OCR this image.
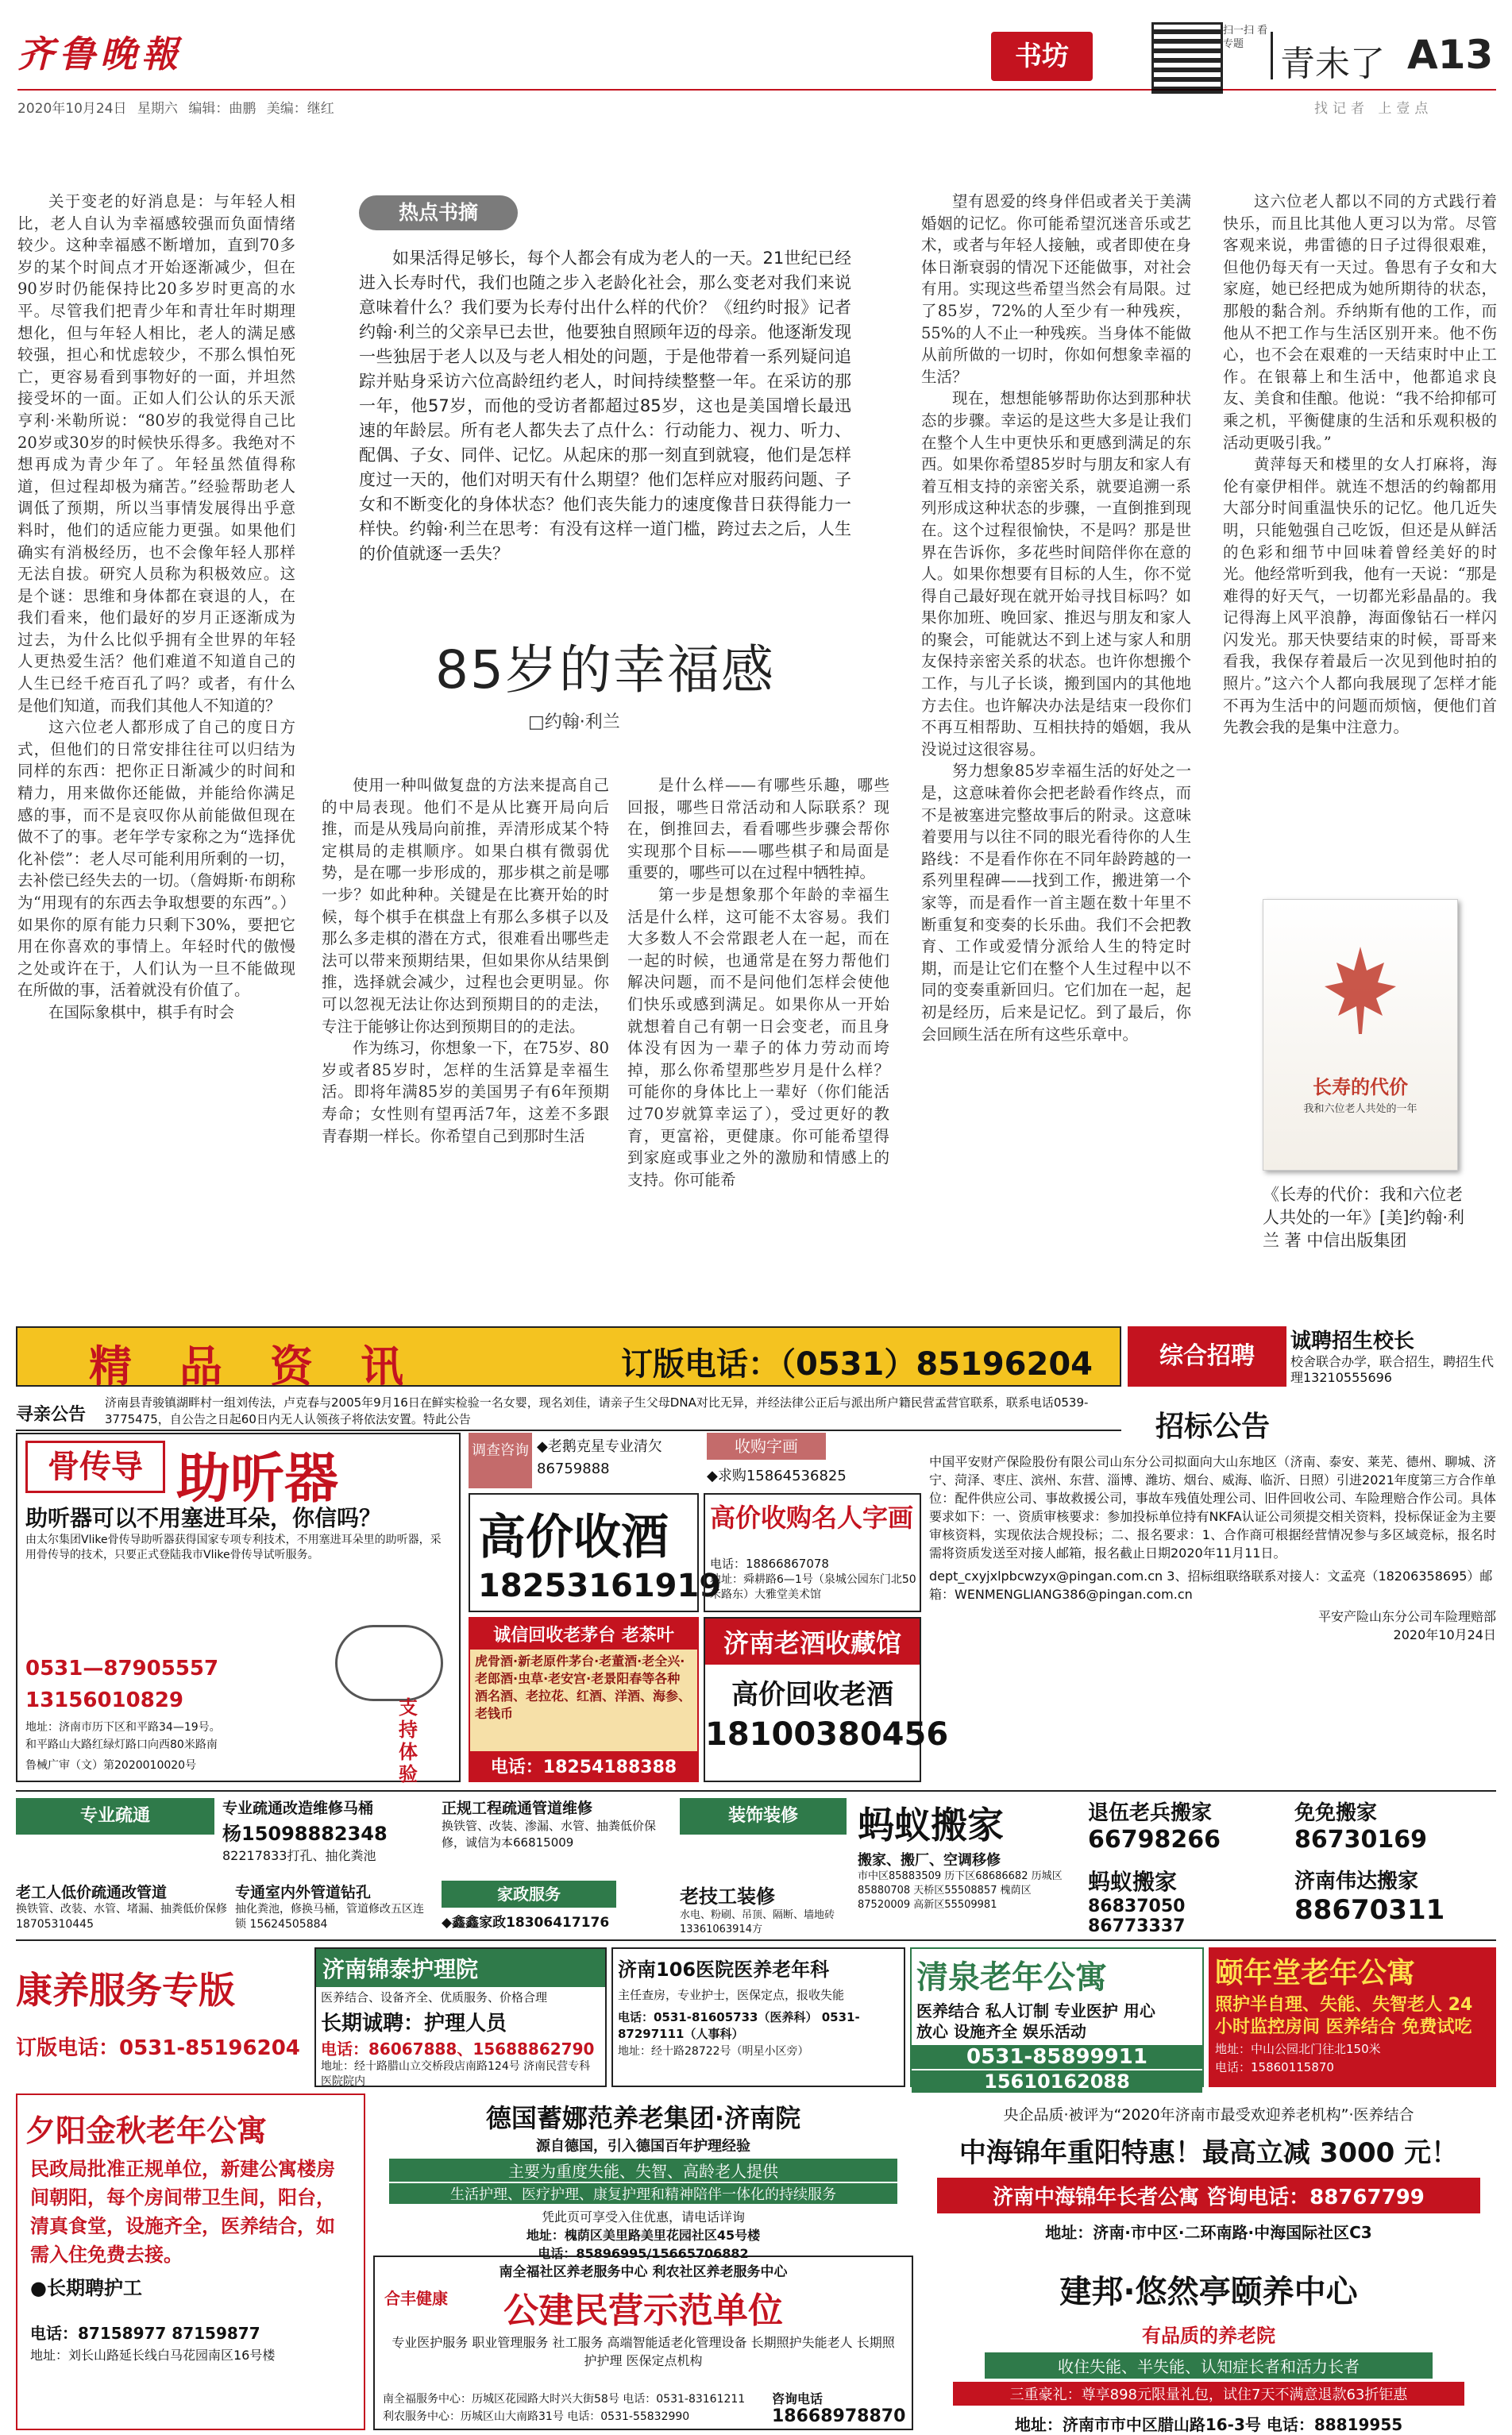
齐鲁晚報
2020年10月24日 星期六 编辑：曲鹏 美编：继红
书坊
扫一扫 看专题	青未了 A13
找记者 上壹点

关于变老的好消息是：与年轻人相比，老人自认为幸福感较强而负面情绪较少。这种幸福感不断增加，直到70多岁的某个时间点才开始逐渐减少，但在90岁时仍能保持比20多岁时更高的水平。尽管我们把青少年和青壮年时期理想化，但与年轻人相比，老人的满足感较强，担心和忧虑较少，不那么惧怕死亡，更容易看到事物好的一面，并坦然接受坏的一面。正如人们公认的乐天派亨利·米勒所说：“80岁的我觉得自己比20岁或30岁的时候快乐得多。我绝对不想再成为青少年了。年轻虽然值得称道，但过程却极为痛苦。”经验帮助老人调低了预期，所以当事情发展得出乎意料时，他们的适应能力更强。如果他们确实有消极经历，也不会像年轻人那样无法自拔。研究人员称为积极效应。这是个谜：思维和身体都在衰退的人，在我们看来，他们最好的岁月正逐渐成为过去，为什么比似乎拥有全世界的年轻人更热爱生活？他们难道不知道自己的人生已经千疮百孔了吗？或者，有什么是他们知道，而我们其他人不知道的？

这六位老人都形成了自己的度日方式，但他们的日常安排往往可以归结为同样的东西：把你正日渐减少的时间和精力，用来做你还能做，并能给你满足感的事，而不是哀叹你从前能做但现在做不了的事。老年学专家称之为“选择优化补偿”：老人尽可能利用所剩的一切，去补偿已经失去的一切。（詹姆斯·布朗称为“用现有的东西去争取想要的东西”。）如果你的原有能力只剩下30%，要把它用在你喜欢的事情上。年轻时代的傲慢之处或许在于，人们认为一旦不能做现在所做的事，活着就没有价值了。

在国际象棋中，棋手有时会

热点书摘

如果活得足够长，每个人都会有成为老人的一天。21世纪已经进入长寿时代，我们也随之步入老龄化社会，那么变老对我们来说意味着什么？我们要为长寿付出什么样的代价？《纽约时报》记者约翰·利兰的父亲早已去世，他要独自照顾年迈的母亲。他逐渐发现一些独居于老人以及与老人相处的问题，于是他带着一系列疑问追踪并贴身采访六位高龄纽约老人，时间持续整整一年。在采访的那一年，他57岁，而他的受访者都超过85岁，这也是美国增长最迅速的年龄层。所有老人都失去了点什么：行动能力、视力、听力、配偶、子女、同伴、记忆。从起床的那一刻直到就寝，他们是怎样度过一天的，他们对明天有什么期望？他们怎样应对服药问题、子女和不断变化的身体状态？他们丧失能力的速度像昔日获得能力一样快。约翰·利兰在思考：有没有这样一道门槛，跨过去之后，人生的价值就逐一丢失？

85岁的幸福感
□约翰·利兰

使用一种叫做复盘的方法来提高自己的中局表现。他们不是从比赛开局向后推，而是从残局向前推，弄清形成某个特定棋局的走棋顺序。如果白棋有微弱优势，是在哪一步形成的，那步棋之前是哪一步？如此种种。关键是在比赛开始的时候，每个棋手在棋盘上有那么多棋子以及那么多走棋的潜在方式，很难看出哪些走法可以带来预期结果，但如果你从结果倒推，选择就会减少，过程也会更明显。你可以忽视无法让你达到预期目的的走法，专注于能够让你达到预期目的的走法。

作为练习，你想象一下，在75岁、80岁或者85岁时，怎样的生活算是幸福生活。即将年满85岁的美国男子有6年预期寿命；女性则有望再活7年，这差不多跟青春期一样长。你希望自己到那时生活

是什么样——有哪些乐趣，哪些回报，哪些日常活动和人际联系？现在，倒推回去，看看哪些步骤会帮你实现那个目标——哪些棋子和局面是重要的，哪些可以在过程中牺牲掉。

第一步是想象那个年龄的幸福生活是什么样，这可能不太容易。我们大多数人不会常跟老人在一起，而在一起的时候，也通常是在努力帮他们解决问题，而不是问他们怎样会使他们快乐或感到满足。如果你从一开始就想着自己有朝一日会变老，而且身体没有因为一辈子的体力劳动而垮掉，那么你希望那些岁月是什么样？可能你的身体比上一辈好（你们能活过70岁就算幸运了），受过更好的教育，更富裕，更健康。你可能希望得到家庭或事业之外的激励和情感上的支持。你可能希

望有恩爱的终身伴侣或者关于美满婚姻的记忆。你可能希望沉迷音乐或艺术，或者与年轻人接触，或者即使在身体日渐衰弱的情况下还能做事，对社会有用。实现这些希望当然会有局限。过了85岁，72%的人至少有一种残疾，55%的人不止一种残疾。当身体不能做从前所做的一切时，你如何想象幸福的生活？

现在，想想能够帮助你达到那种状态的步骤。幸运的是这些大多是让我们在整个人生中更快乐和更感到满足的东西。如果你希望85岁时与朋友和家人有着互相支持的亲密关系，就要追溯一系列形成这种状态的步骤，一直倒推到现在。这个过程很愉快，不是吗？那是世界在告诉你，多花些时间陪伴你在意的人。如果你想要有目标的人生，你不觉得自己最好现在就开始寻找目标吗？如果你加班、晚回家、推迟与朋友和家人的聚会，可能就达不到上述与家人和朋友保持亲密关系的状态。也许你想搬个工作，与儿子长谈，搬到国内的其他地方去住。也许解决办法是结束一段你们不再互相帮助、互相扶持的婚姻，我从没说过这很容易。

努力想象85岁幸福生活的好处之一是，这意味着你会把老龄看作终点，而不是被塞进完整故事后的附录。这意味着要用与以往不同的眼光看待你的人生路线：不是看作你在不同年龄跨越的一系列里程碑——找到工作，搬进第一个家等，而是看作一首主题在数十年里不断重复和变奏的长乐曲。我们不会把教育、工作或爱情分派给人生的特定时期，而是让它们在整个人生过程中以不同的变奏重新回归。它们加在一起，起初是经历，后来是记忆。到了最后，你会回顾生活在所有这些乐章中。

这六位老人都以不同的方式践行着快乐，而且比其他人更习以为常。尽管客观来说，弗雷德的日子过得很艰难，但他仍每天有一天过。鲁思有子女和大家庭，她已经把成为她所期待的状态，那般的黏合剂。乔纳斯有他的工作，而他从不把工作与生活区别开来。他不伤心，也不会在艰难的一天结束时中止工作。在银幕上和生活中，他都追求良友、美食和佳酿。他说：“我不给抑郁可乘之机，平衡健康的生活和乐观积极的活动更吸引我。”

黄萍每天和楼里的女人打麻将，海伦有豪伊相伴。就连不想活的约翰都用大部分时间重温快乐的记忆。他几近失明，只能勉强自己吃饭，但还是从鲜活的色彩和细节中回味着曾经美好的时光。他经常听到我，他有一天说：“那是难得的好天气，一切都光彩晶晶的。我记得海上风平浪静，海面像钻石一样闪闪发光。那天快要结束的时候，哥哥来看我，我保存着最后一次见到他时拍的照片。”这六个人都向我展现了怎样才能不再为生活中的问题而烦恼，便他们首先教会我的是集中注意力。

长寿的代价
我和六位老人共处的一年
《长寿的代价：我和六位老人共处的一年》[美]约翰·利兰 著 中信出版集团
精品资讯	订版电话：（0531）85196204	综合招聘
诚聘招生校长
校舍联合办学，联合招生，聘招生代理13210555696
寻亲公告
济南县青骏镇湖畔村一组刘传法，卢克春与2005年9月16日在鲜实检验一名女婴，现名刘佳，请亲子生父母DNA对比无异，并经法律公正后与派出所户籍民营孟营官联系，联系电话0539-3775475，自公告之日起60日内无人认领孩子将依法安置。特此公告
骨传导 助听器
助听器可以不用塞进耳朵，你信吗？
由太尔集团Vlike骨传导助听器获得国家专项专利技术，不用塞进耳朵里的助听器，采用骨传导的技术，只要正式登陆我市Vlike骨传导试听服务。
0531—87905557
13156010829
地址：济南市历下区和平路34—19号。
和平路山大路红绿灯路口向西80米路南
鲁械广审（文）第2020010020号
支持体验
调查咨询 ◆老鹅克星专业清欠 86759888
收购字画
◆求购15864536825
高价收酒
18253161919
高价收购名人字画
电话：18866867078
地址：舜耕路6—1号（泉城公园东门北50米路东）大雅堂美术馆
诚信回收老茅台 老茶叶
虎骨酒·新老原件茅台·老董酒·老全兴·老郎酒·虫草·老安宫·老景阳春等各种酒名酒、老拉花、红酒、洋酒、海参、老钱币
电话：18254188388
济南老酒收藏馆
高价回收老酒
18100380456
招标公告
中国平安财产保险股份有限公司山东分公司拟面向大山东地区（济南、泰安、莱芜、德州、聊城、济宁、菏泽、枣庄、滨州、东营、淄博、潍坊、烟台、威海、临沂、日照）引进2021年度第三方合作单位：配件供应公司、事故救援公司，事故车残值处理公司、旧件回收公司、车险理赔合作公司。具体要求如下：一、资质审核要求：参加投标单位持有NKFA认证公司须提交相关资料，投标保证金为主要审核资料，实现依法合规投标；二、报名要求：1、合作商可根据经营情况参与多区域竞标，报名时需将资质发送至对接人邮箱，报名截止日期2020年11月11日。
dept_cxyjxlpbcwzyx@pingan.com.cn 3、招标组联络联系对接人：文孟亮（18206358695）邮箱：WENMENGLIANG386@pingan.com.cn
平安产险山东分公司车险理赔部
2020年10月24日
专业疏通	专业疏通改造维修马桶
杨15098882348
82217833打孔、抽化粪池
正规工程疏通管道维修
换铁管、改装、渗漏、水管、抽粪低价保修，诚信为本66815009
装饰装修	蚂蚁搬家
搬家、搬厂、空调移修
市中区85883509 历下区68686682 历城区85880708 天桥区55508857 槐荫区87520009 高新区55509981
退伍老兵搬家
66798266
免免搬家
86730169
蚂蚁搬家
86837050 86773337
济南伟达搬家
88670311
老工人低价疏通改管道
换铁管、改装、水管、堵漏、抽粪低价保修 18705310445
专通室内外管道钻孔
抽化粪池，修换马桶，管道修改五区连锁 15624505884
家政服务
◆鑫鑫家政18306417176
老技工装修
水电、粉刷、吊顶、隔断、墙地砖13361063914方
康养服务专版
订版电话：0531-85196204
济南锦泰护理院
医养结合、设备齐全、优质服务、价格合理
长期诚聘：护理人员
电话：86067888、15688862790
地址：经十路腊山立交桥段店南路124号 济南民营专科医院院内
济南106医院医养老年科
主任查房，专业护士，医保定点，报收失能
电话：0531-81605733（医养科） 0531-87297111（人事科）
地址：经十路28722号（明星小区旁）
清泉老年公寓
医养结合 私人订制 专业医护 用心放心 设施齐全 娱乐活动
0531-85899911
15610162088
颐年堂老年公寓
照护半自理、失能、失智老人 24小时监控房间 医养结合 免费试吃
地址：中山公园北门往北150米
电话：15860115870
夕阳金秋老年公寓
民政局批准正规单位，新建公寓楼房间朝阳，每个房间带卫生间，阳台，清真食堂，设施齐全，医养结合，如需入住免费去接。
●长期聘护工
电话：87158977 87159877
地址：刘长山路延长线白马花园南区16号楼
德国蓄娜范养老集团·济南院
源自德国，引入德国百年护理经验
主要为重度失能、失智、高龄老人提供
生活护理、医疗护理、康复护理和精神陪伴一体化的持续服务
凭此页可享受入住优惠，请电话详询
地址：槐荫区美里路美里花园社区45号楼
电话：85896995/15665706882
央企品质·被评为“2020年济南市最受欢迎养老机构”·医养结合
中海锦年重阳特惠！最高立减 3000 元！
济南中海锦年长者公寓 咨询电话：88767799
地址：济南·市中区·二环南路·中海国际社区C3
南全福社区养老服务中心 利农社区养老服务中心
合丰健康	公建民营示范单位
专业医护服务 职业管理服务 社工服务 高端智能适老化管理设备 长期照护失能老人 长期照护护理 医保定点机构
南全福服务中心：历城区花园路大时兴大街58号 电话：0531-83161211
利农服务中心：历城区山大南路31号 电话：0531-55832990
咨询电话
18668978870
建邦·悠然亭颐养中心
有品质的养老院
收住失能、半失能、认知症长者和活力长者
三重豪礼：尊享898元限量礼包，试住7天不满意退款63折钜惠
地址：济南市市中区腊山路16-3号 电话：88819955
